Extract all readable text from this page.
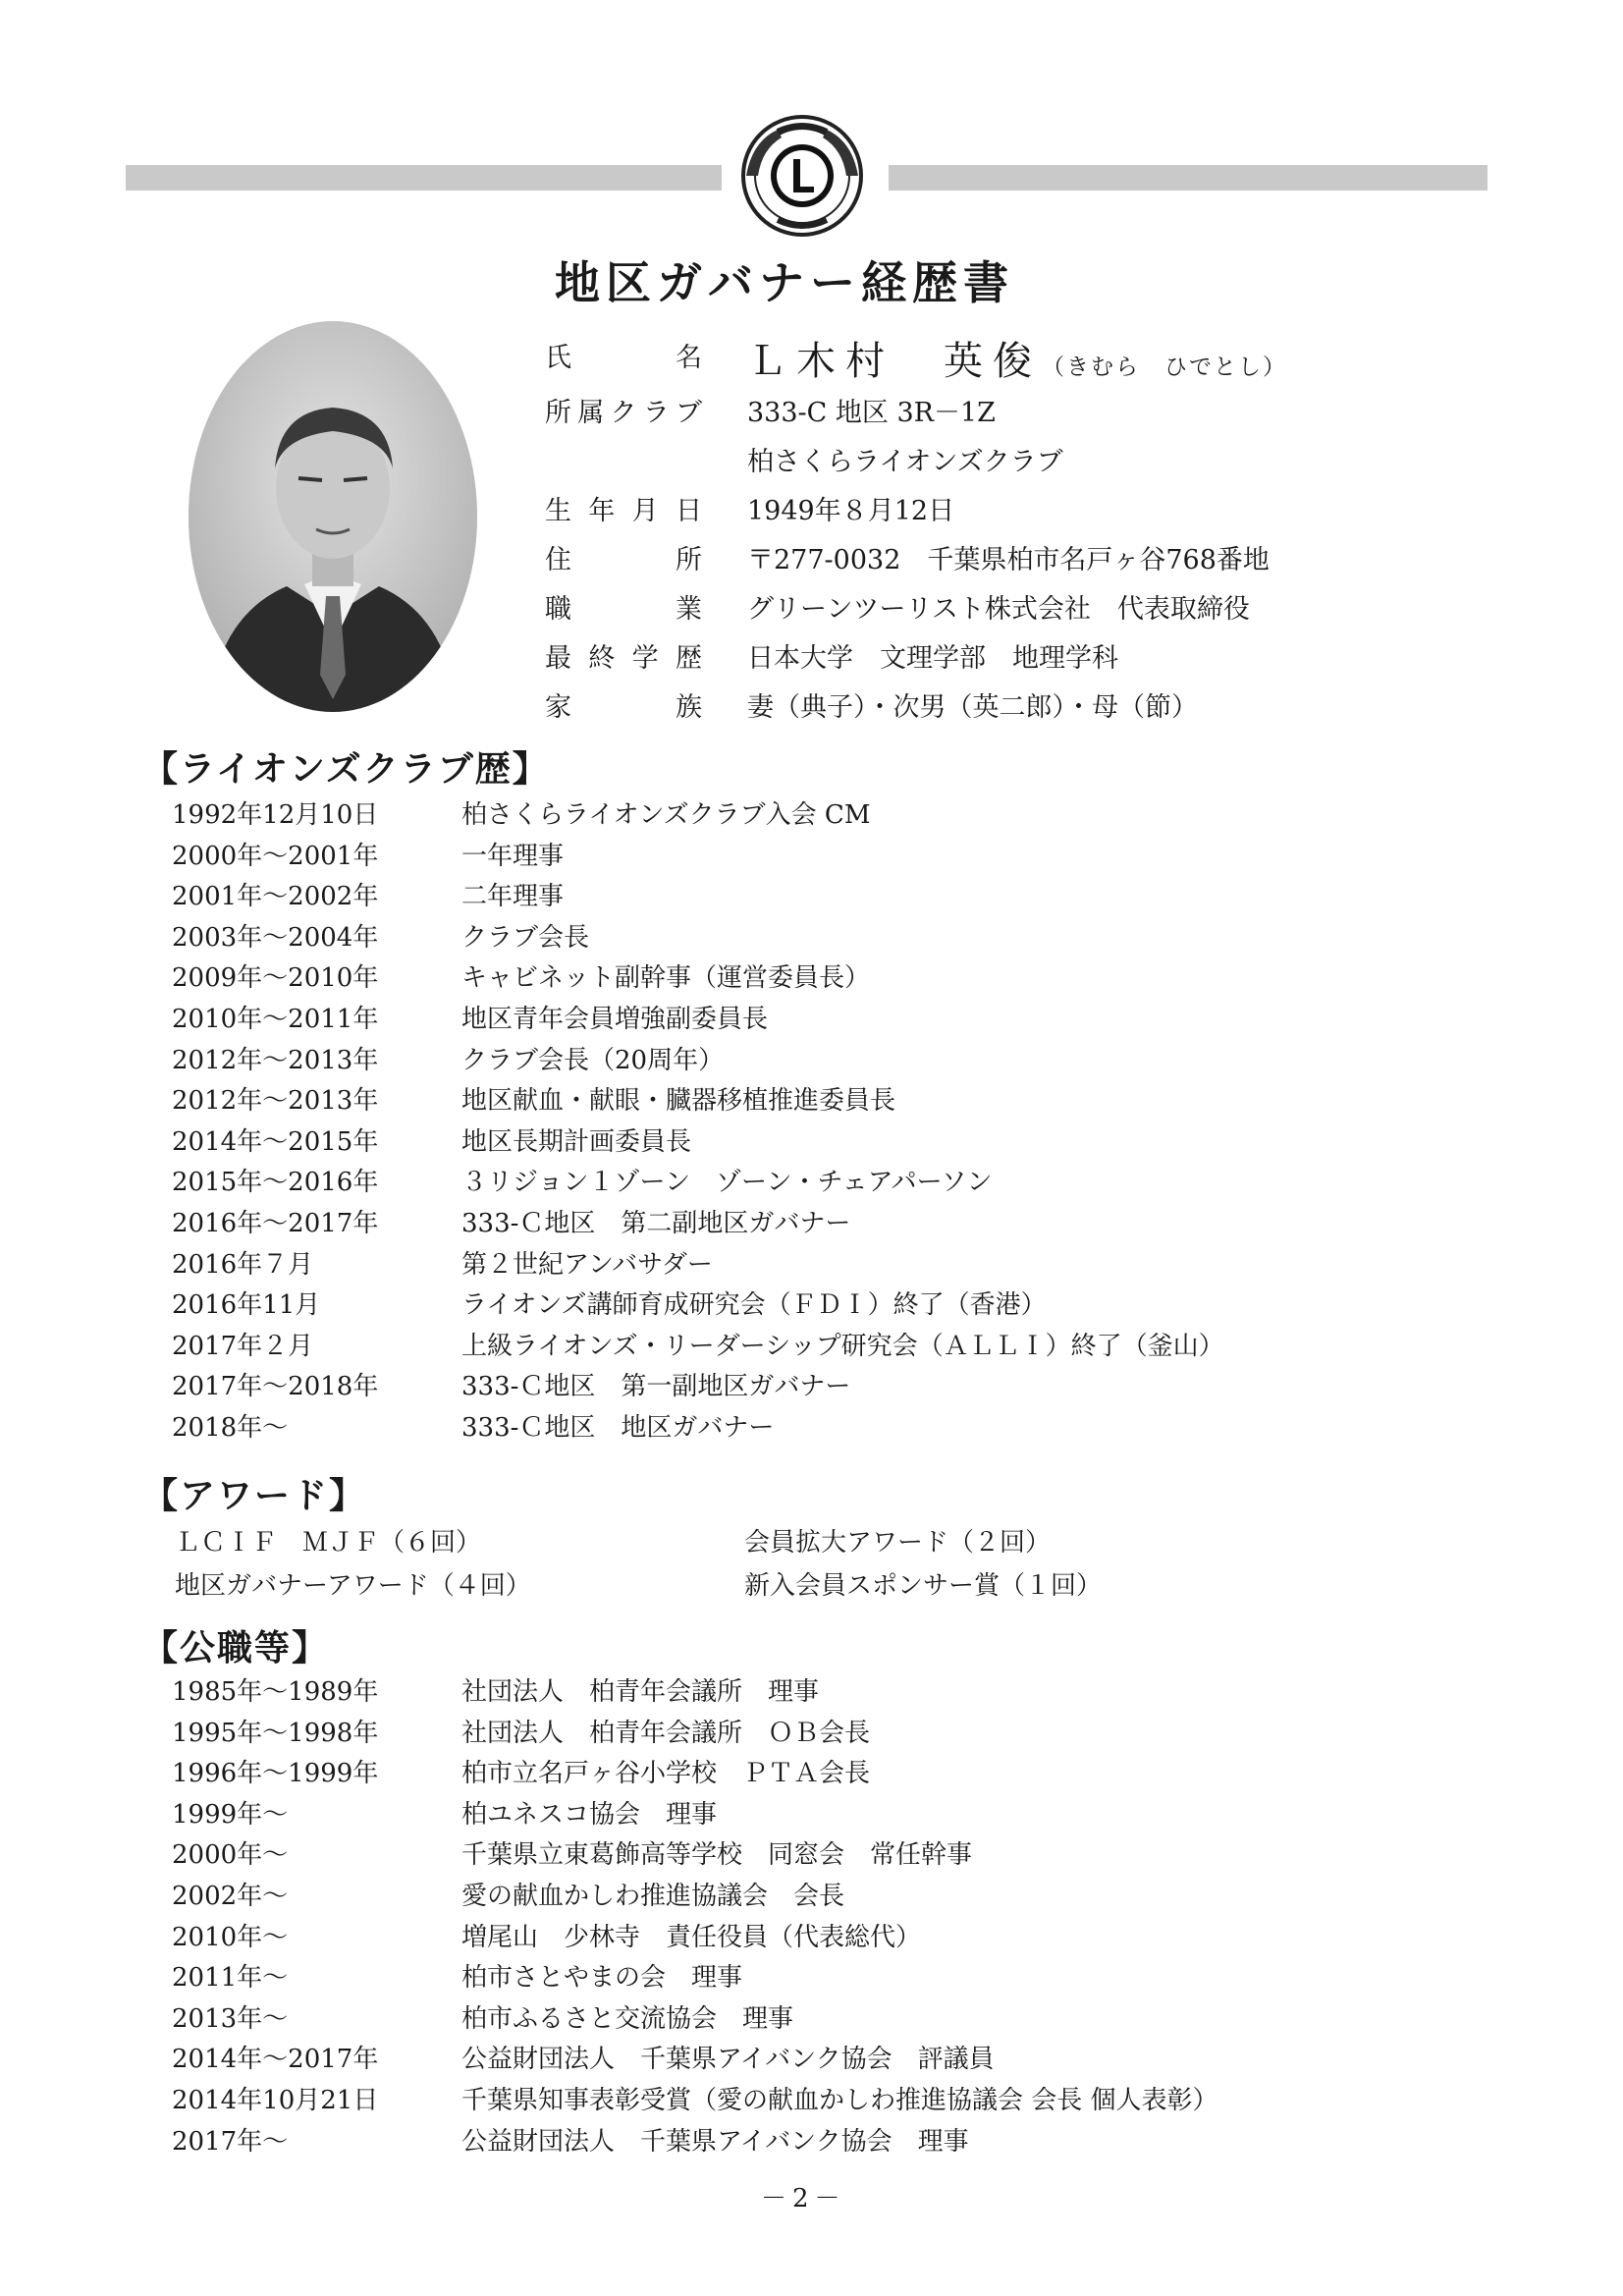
地区ガバナー経歴書
氏　　名 Ｌ木村　英俊（きむら　ひでとし）
所属クラブ 333-C 地区 3R－1Z
柏さくらライオンズクラブ
生年月日 1949年８月12日
住　　所 〒277-0032　千葉県柏市名戸ヶ谷768番地
職　　業 グリーンツーリスト株式会社　代表取締役
最終学歴 日本大学　文理学部　地理学科
家　　族 妻（典子）・次男（英二郎）・母（節）
【ライオンズクラブ歴】
1992年12月10日	柏さくらライオンズクラブ入会 CM
2000年～2001年	一年理事
2001年～2002年	二年理事
2003年～2004年	クラブ会長
2009年～2010年	キャビネット副幹事（運営委員長）
2010年～2011年	地区青年会員増強副委員長
2012年～2013年	クラブ会長（20周年）
2012年～2013年	地区献血・献眼・臓器移植推進委員長
2014年～2015年	地区長期計画委員長
2015年～2016年	３リジョン１ゾーン　ゾーン・チェアパーソン
2016年～2017年	333-Ｃ地区　第二副地区ガバナー
2016年７月	第２世紀アンバサダー
2016年11月	ライオンズ講師育成研究会（ＦＤＩ）終了（香港）
2017年２月	上級ライオンズ・リーダーシップ研究会（ＡＬＬＩ）終了（釜山）
2017年～2018年	333-Ｃ地区　第一副地区ガバナー
2018年～	333-Ｃ地区　地区ガバナー
【アワード】
ＬＣＩＦ　ＭＪＦ（６回）	会員拡大アワード（２回）
地区ガバナーアワード（４回）	新入会員スポンサー賞（１回）
【公職等】
1985年～1989年	社団法人　柏青年会議所　理事
1995年～1998年	社団法人　柏青年会議所　ＯＢ会長
1996年～1999年	柏市立名戸ヶ谷小学校　ＰＴＡ会長
1999年～	柏ユネスコ協会　理事
2000年～	千葉県立東葛飾高等学校　同窓会　常任幹事
2002年～	愛の献血かしわ推進協議会　会長
2010年～	増尾山　少林寺　責任役員（代表総代）
2011年～	柏市さとやまの会　理事
2013年～	柏市ふるさと交流協会　理事
2014年～2017年	公益財団法人　千葉県アイバンク協会　評議員
2014年10月21日	千葉県知事表彰受賞（愛の献血かしわ推進協議会 会長 個人表彰）
2017年～	公益財団法人　千葉県アイバンク協会　理事

－2－
